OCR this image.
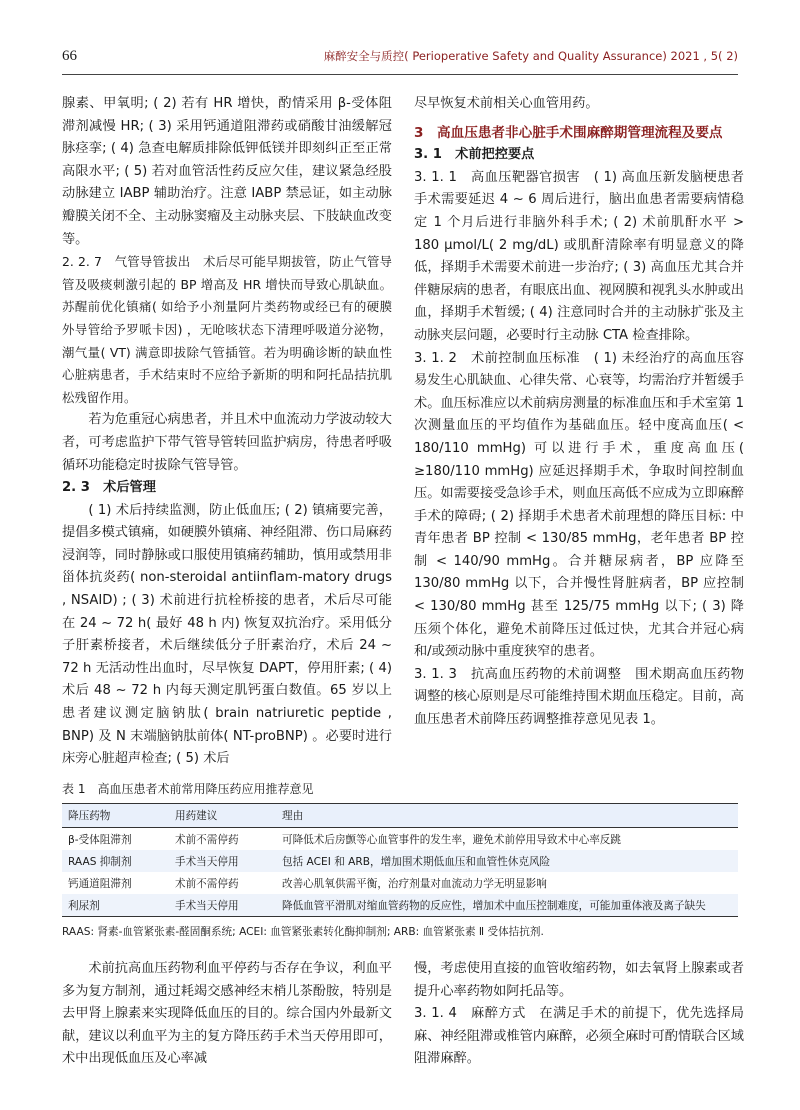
66	麻醉安全与质控( Perioperative Safety and Quality Assurance) 2021 , 5( 2)

腺素、甲氧明; ( 2) 若有 HR 增快，酌情采用 β-受体阻滞剂减慢 HR; ( 3) 采用钙通道阻滞药或硝酸甘油缓解冠脉痉挛; ( 4) 急查电解质排除低钾低镁并即刻纠正至正常高限水平; ( 5) 若对血管活性药反应欠佳，建议紧急经股动脉建立 IABP 辅助治疗。注意 IABP 禁忌证，如主动脉瓣膜关闭不全、主动脉窦瘤及主动脉夹层、下肢缺血改变等。

2. 2. 7　气管导管拔出　术后尽可能早期拔管，防止气管导管及吸痰刺激引起的 BP 增高及 HR 增快而导致心肌缺血。苏醒前优化镇痛( 如给予小剂量阿片类药物或经已有的硬膜外导管给予罗哌卡因) ，无呛咳状态下清理呼吸道分泌物，潮气量( VT) 满意即拔除气管插管。若为明确诊断的缺血性心脏病患者，手术结束时不应给予新斯的明和阿托品拮抗肌松残留作用。

若为危重冠心病患者，并且术中血流动力学波动较大者，可考虑监护下带气管导管转回监护病房，待患者呼吸循环功能稳定时拔除气管导管。

2. 3　术后管理

( 1) 术后持续监测，防止低血压; ( 2) 镇痛要完善，提倡多模式镇痛，如硬膜外镇痛、神经阻滞、伤口局麻药浸润等，同时静脉或口服使用镇痛药辅助，慎用或禁用非甾体抗炎药( non-steroidal antiinflam-matory drugs , NSAID) ; ( 3) 术前进行抗栓桥接的患者，术后尽可能在 24 ~ 72 h( 最好 48 h 内) 恢复双抗治疗。采用低分子肝素桥接者，术后继续低分子肝素治疗，术后 24 ~ 72 h 无活动性出血时，尽早恢复 DAPT，停用肝素; ( 4) 术后 48 ~ 72 h 内每天测定肌钙蛋白数值。65 岁以上患者建议测定脑钠肽( brain natriuretic peptide , BNP) 及 N 末端脑钠肽前体( NT-proBNP) 。必要时进行床旁心脏超声检查; ( 5) 术后

尽早恢复术前相关心血管用药。

3　高血压患者非心脏手术围麻醉期管理流程及要点

3. 1　术前把控要点

3. 1. 1　高血压靶器官损害　( 1) 高血压新发脑梗患者手术需要延迟 4 ~ 6 周后进行，脑出血患者需要病情稳定 1 个月后进行非脑外科手术; ( 2) 术前肌酐水平 > 180 μmol/L( 2 mg/dL) 或肌酐清除率有明显意义的降低，择期手术需要术前进一步治疗; ( 3) 高血压尤其合并伴糖尿病的患者，有眼底出血、视网膜和视乳头水肿或出血，择期手术暂缓; ( 4) 注意同时合并的主动脉扩张及主动脉夹层问题，必要时行主动脉 CTA 检查排除。

3. 1. 2　术前控制血压标准　( 1) 未经治疗的高血压容易发生心肌缺血、心律失常、心衰等，均需治疗并暂缓手术。血压标准应以术前病房测量的标准血压和手术室第 1 次测量血压的平均值作为基础血压。轻中度高血压( < 180/110 mmHg) 可以进行手术，重度高血压( ≥180/110 mmHg) 应延迟择期手术，争取时间控制血压。如需要接受急诊手术，则血压高低不应成为立即麻醉手术的障碍; ( 2) 择期手术患者术前理想的降压目标: 中青年患者 BP 控制 < 130/85 mmHg，老年患者 BP 控制 < 140/90 mmHg。合并糖尿病者，BP 应降至 130/80 mmHg 以下，合并慢性肾脏病者，BP 应控制 < 130/80 mmHg 甚至 125/75 mmHg 以下; ( 3) 降压须个体化，避免术前降压过低过快，尤其合并冠心病和/或颈动脉中重度狭窄的患者。

3. 1. 3　抗高血压药物的术前调整　围术期高血压药物调整的核心原则是尽可能维持围术期血压稳定。目前，高血压患者术前降压药调整推荐意见见表 1。

表 1　高血压患者术前常用降压药应用推荐意见
降压药物	用药建议	理由
β-受体阻滞剂	术前不需停药	可降低术后房颤等心血管事件的发生率，避免术前停用导致术中心率反跳
RAAS 抑制剂	手术当天停用	包括 ACEI 和 ARB，增加围术期低血压和血管性休克风险
钙通道阻滞剂	术前不需停药	改善心肌氧供需平衡，治疗剂量对血流动力学无明显影响
利尿剂	手术当天停用	降低血管平滑肌对缩血管药物的反应性，增加术中血压控制难度，可能加重体液及离子缺失
RAAS: 肾素-血管紧张素-醛固酮系统; ACEI: 血管紧张素转化酶抑制剂; ARB: 血管紧张素 Ⅱ 受体拮抗剂.

术前抗高血压药物利血平停药与否存在争议，利血平多为复方制剂，通过耗竭交感神经末梢儿茶酚胺，特别是去甲肾上腺素来实现降低血压的目的。综合国内外最新文献，建议以利血平为主的复方降压药手术当天停用即可，术中出现低血压及心率减

慢，考虑使用直接的血管收缩药物，如去氧肾上腺素或者提升心率药物如阿托品等。

3. 1. 4　麻醉方式　在满足手术的前提下，优先选择局麻、神经阻滞或椎管内麻醉，必须全麻时可酌情联合区域阻滞麻醉。
